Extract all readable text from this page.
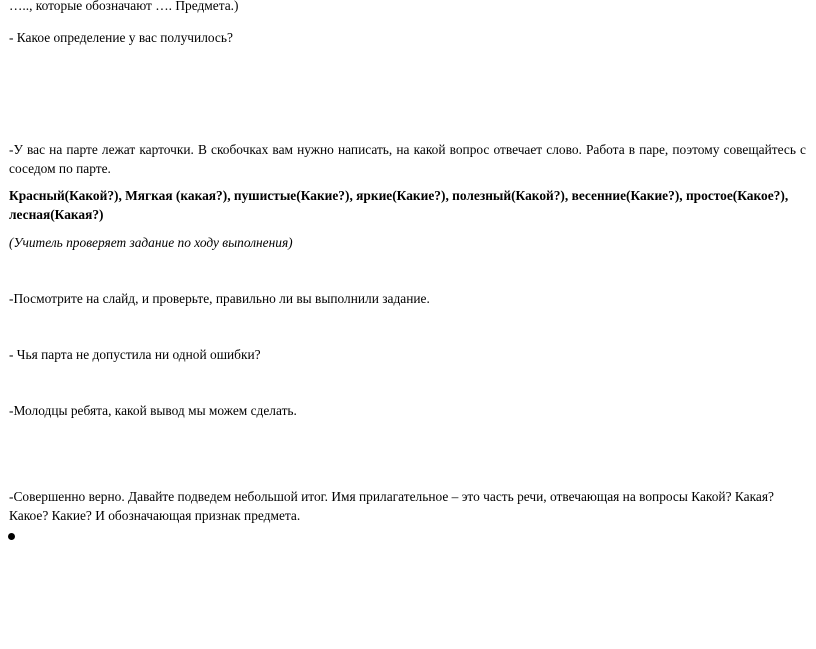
….., которые обозначают …. Предмета.)

- Какое определение у вас получилось?

-У вас на парте лежат карточки. В скобочках вам нужно написать, на какой вопрос отвечает слово. Работа в паре, поэтому совещайтесь с соседом по парте.

Красный(Какой?), Мягкая (какая?), пушистые(Какие?), яркие(Какие?), полезный(Какой?), весенние(Какие?), простое(Какое?), лесная(Какая?)

(Учитель проверяет задание по ходу выполнения)

-Посмотрите на слайд, и проверьте, правильно ли вы выполнили задание.

- Чья парта не допустила ни одной ошибки?

-Молодцы ребята, какой вывод мы можем сделать.

-Совершенно верно. Давайте подведем небольшой итог. Имя прилагательное – это часть речи, отвечающая на вопросы Какой? Какая? Какое? Какие? И обозначающая признак предмета.
